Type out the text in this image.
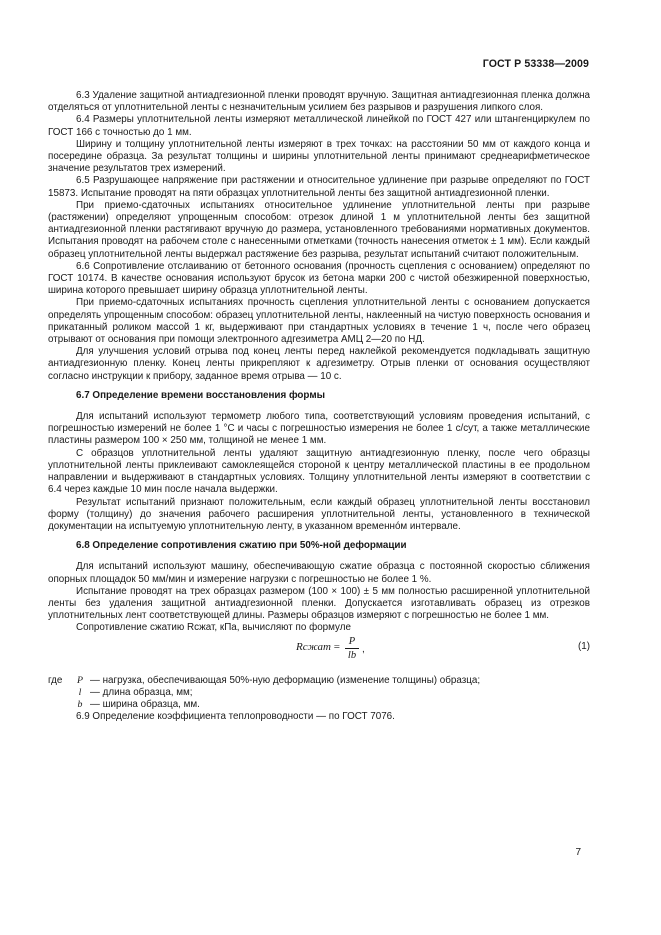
ГОСТ Р 53338—2009

6.3 Удаление защитной антиадгезионной пленки проводят вручную. Защитная антиадгезионная пленка должна отделяться от уплотнительной ленты с незначительным усилием без разрывов и разрушения липкого слоя.

6.4 Размеры уплотнительной ленты измеряют металлической линейкой по ГОСТ 427 или штангенциркулем по ГОСТ 166 с точностью до 1 мм.

Ширину и толщину уплотнительной ленты измеряют в трех точках: на расстоянии 50 мм от каждого конца и посередине образца. За результат толщины и ширины уплотнительной ленты принимают среднеарифметическое значение результатов трех измерений.

6.5 Разрушающее напряжение при растяжении и относительное удлинение при разрыве определяют по ГОСТ 15873. Испытание проводят на пяти образцах уплотнительной ленты без защитной антиадгезионной пленки.

При приемо-сдаточных испытаниях относительное удлинение уплотнительной ленты при разрыве (растяжении) определяют упрощенным способом: отрезок длиной 1 м уплотнительной ленты без защитной антиадгезионной пленки растягивают вручную до размера, установленного требованиями нормативных документов. Испытания проводят на рабочем столе с нанесенными отметками (точность нанесения отметок ± 1 мм). Если каждый образец уплотнительной ленты выдержал растяжение без разрыва, результат испытаний считают положительным.

6.6 Сопротивление отслаиванию от бетонного основания (прочность сцепления с основанием) определяют по ГОСТ 10174. В качестве основания используют брусок из бетона марки 200 с чистой обезжиренной поверхностью, ширина которого превышает ширину образца уплотнительной ленты.

При приемо-сдаточных испытаниях прочность сцепления уплотнительной ленты с основанием допускается определять упрощенным способом: образец уплотнительной ленты, наклеенный на чистую поверхность основания и прикатанный роликом массой 1 кг, выдерживают при стандартных условиях в течение 1 ч, после чего образец отрывают от основания при помощи электронного адгезиметра АМЦ 2—20 по НД.

Для улучшения условий отрыва под конец ленты перед наклейкой рекомендуется подкладывать защитную антиадгезионную пленку. Конец ленты прикрепляют к адгезиметру. Отрыв пленки от основания осуществляют согласно инструкции к прибору, заданное время отрыва — 10 с.

6.7 Определение времени восстановления формы

Для испытаний используют термометр любого типа, соответствующий условиям проведения испытаний, с погрешностью измерений не более 1 °С и часы с погрешностью измерения не более 1 с/сут, а также металлические пластины размером 100 × 250 мм, толщиной не менее 1 мм.

С образцов уплотнительной ленты удаляют защитную антиадгезионную пленку, после чего образцы уплотнительной ленты приклеивают самоклеящейся стороной к центру металлической пластины в ее продольном направлении и выдерживают в стандартных условиях. Толщину уплотнительной ленты измеряют в соответствии с 6.4 через каждые 10 мин после начала выдержки.

Результат испытаний признают положительным, если каждый образец уплотнительной ленты восстановил форму (толщину) до значения рабочего расширения уплотнительной ленты, установленного в технической документации на испытуемую уплотнительную ленту, в указанном временно́м интервале.

6.8 Определение сопротивления сжатию при 50%-ной деформации

Для испытаний используют машину, обеспечивающую сжатие образца с постоянной скоростью сближения опорных площадок 50 мм/мин и измерение нагрузки с погрешностью не более 1 %.

Испытание проводят на трех образцах размером (100 × 100) ± 5 мм полностью расширенной уплотнительной ленты без удаления защитной антиадгезионной пленки. Допускается изготавливать образец из отрезков уплотнительных лент соответствующей длины. Размеры образцов измеряют с погрешностью не более 1 мм.

Сопротивление сжатию Rсжат, кПа, вычисляют по формуле

Rсжат = $\frac{P}{lb}$ ,	(1)
где	P — нагрузка, обеспечивающая 50%-ную деформацию (изменение толщины) образца;
l — длина образца, мм;
b — ширина образца, мм.

6.9 Определение коэффициента теплопроводности — по ГОСТ 7076.

7
